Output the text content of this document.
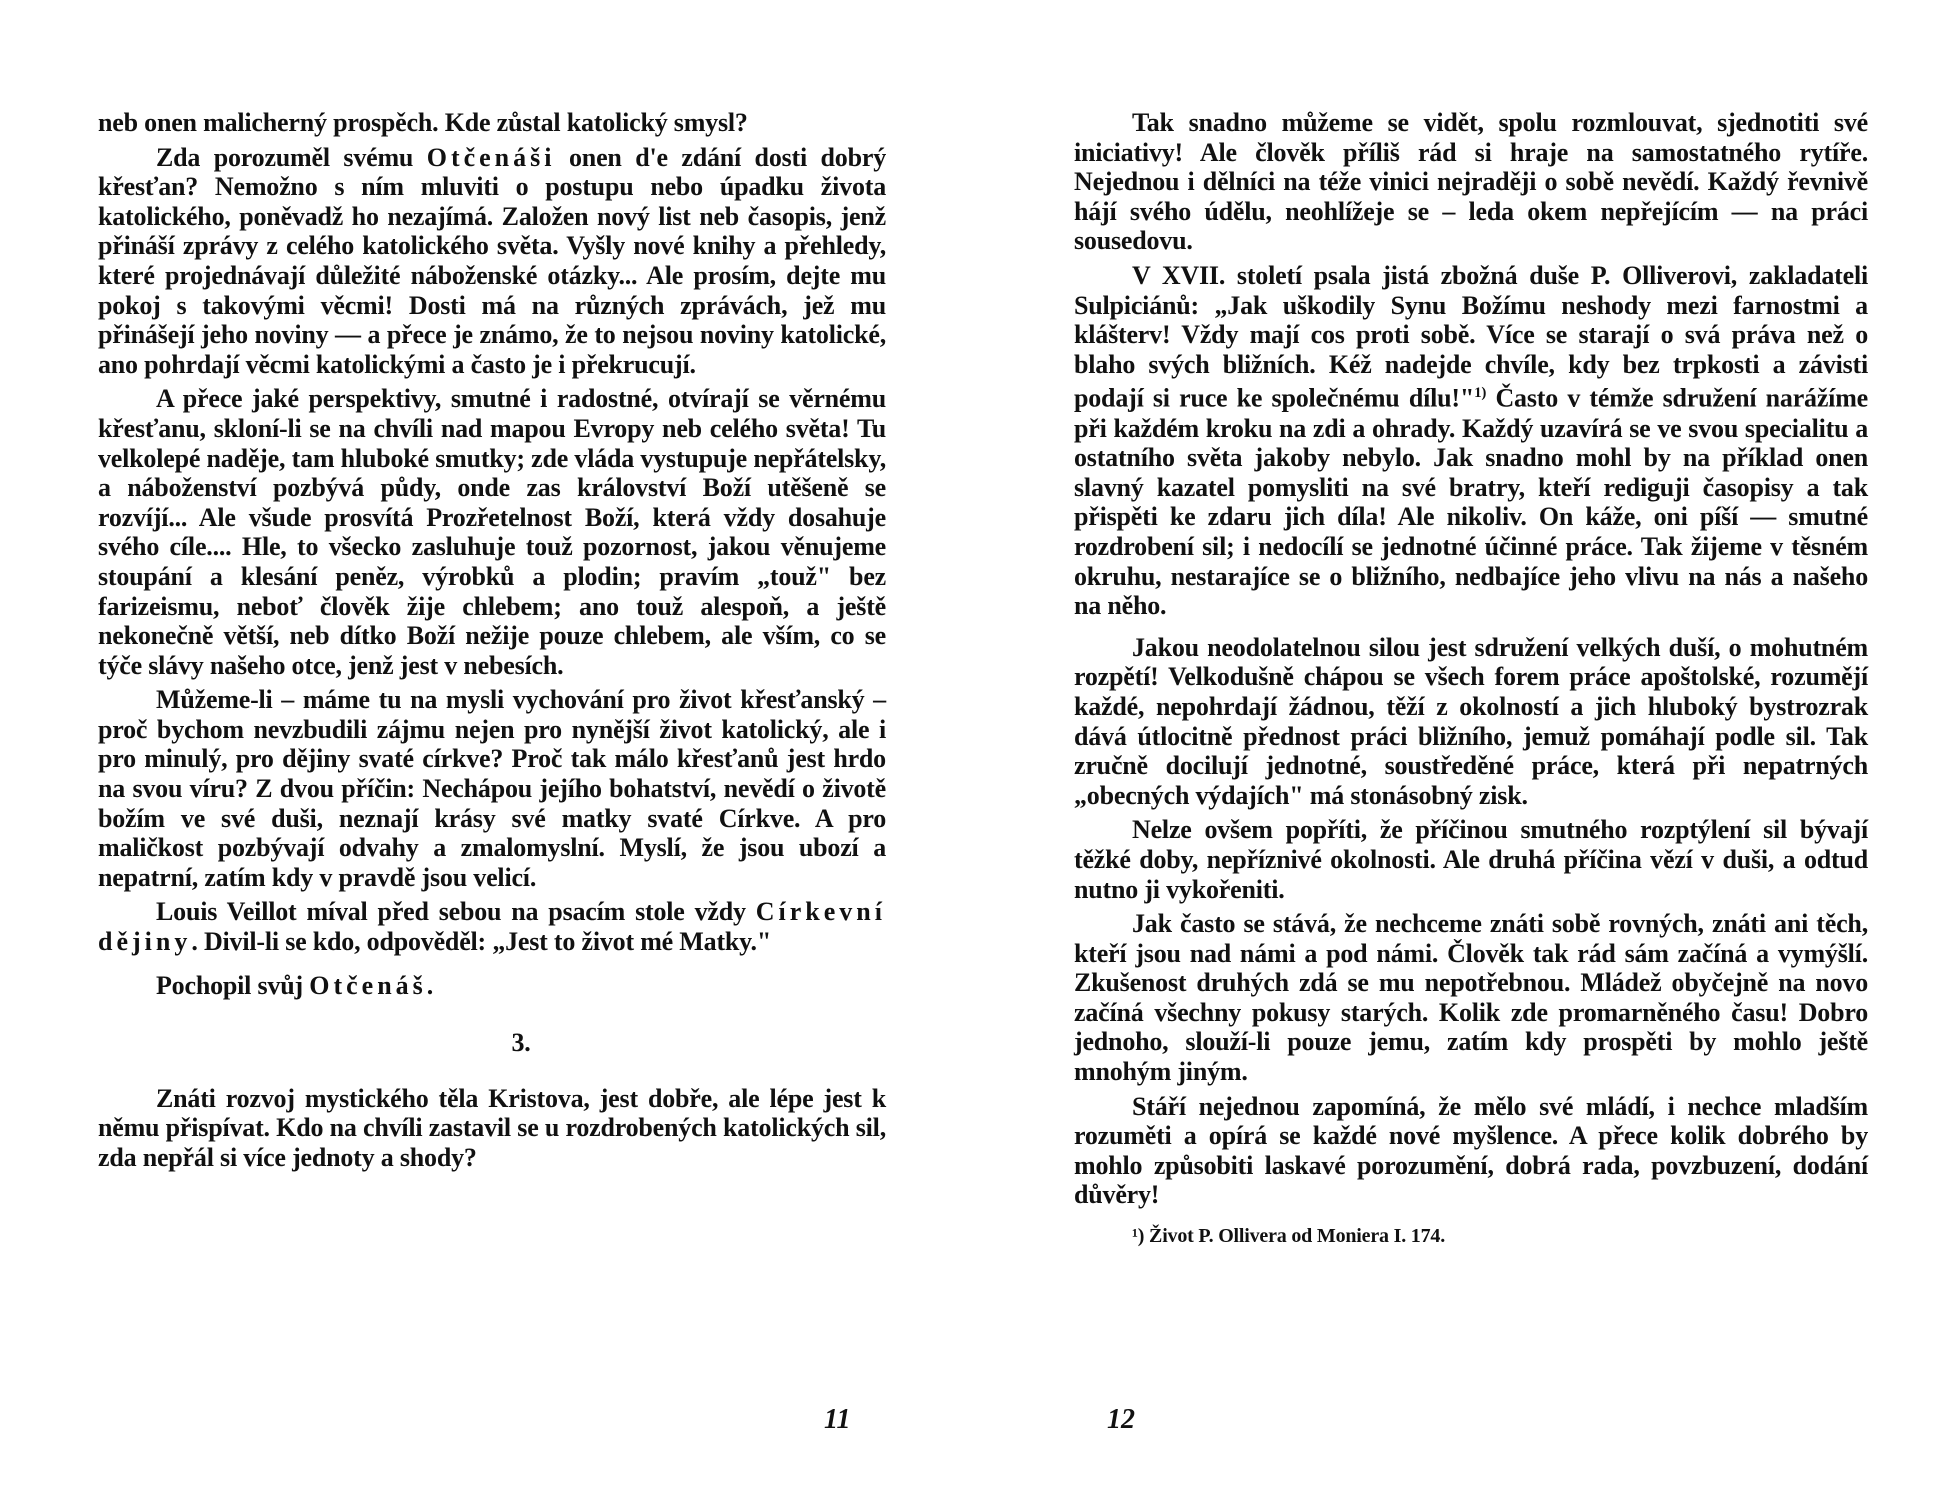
neb onen malicherný prospěch. Kde zůstal katolický smysl?

Zda porozuměl svému Otčenáši onen d'e zdání dosti dobrý křesťan? Nemožno s ním mluviti o postupu nebo úpadku života katolického, poněvadž ho nezajímá. Založen nový list neb časopis, jenž přináší zprávy z celého katolického světa. Vyšly nové knihy a přehledy, které projednávají důležité náboženské otázky... Ale prosím, dejte mu pokoj s takovými věcmi! Dosti má na různých zprávách, jež mu přinášejí jeho noviny — a přece je známo, že to nejsou noviny katolické, ano pohrdají věcmi katolickými a často je i překrucují.

A přece jaké perspektivy, smutné i radostné, otvírají se věrnému křesťanu, skloní-li se na chvíli nad mapou Evropy neb celého světa! Tu velkolepé naděje, tam hluboké smutky; zde vláda vystupuje nepřátelsky, a náboženství pozbývá půdy, onde zas království Boží utěšeně se rozvíjí... Ale všude prosvítá Prozřetelnost Boží, která vždy dosahuje svého cíle.... Hle, to všecko zasluhuje touž pozornost, jakou věnujeme stoupání a klesání peněz, výrobků a plodin; pravím „touž" bez farizeismu, neboť člověk žije chlebem; ano touž alespoň, a ještě nekonečně větší, neb dítko Boží nežije pouze chlebem, ale vším, co se týče slávy našeho otce, jenž jest v nebesích.

Můžeme-li – máme tu na mysli vychování pro život křesťanský – proč bychom nevzbudili zájmu nejen pro nynější život katolický, ale i pro minulý, pro dějiny svaté církve? Proč tak málo křesťanů jest hrdo na svou víru? Z dvou příčin: Nechápou jejího bohatství, nevědí o životě božím ve své duši, neznají krásy své matky svaté Církve. A pro maličkost pozbývají odvahy a zmalomyslní. Myslí, že jsou ubozí a nepatrní, zatím kdy v pravdě jsou velicí.

Louis Veillot míval před sebou na psacím stole vždy Církevní dějiny. Divil-li se kdo, odpověděl: „Jest to život mé Matky."

Pochopil svůj Otčenáš.

3.

Znáti rozvoj mystického těla Kristova, jest dobře, ale lépe jest k němu přispívat. Kdo na chvíli zastavil se u rozdrobených katolických sil, zda nepřál si více jednoty a shody?

11

Tak snadno můžeme se vidět, spolu rozmlouvat, sjednotiti své iniciativy! Ale člověk příliš rád si hraje na samostatného rytíře. Nejednou i dělníci na téže vinici nejraději o sobě nevědí. Každý řevnivě hájí svého údělu, neohlížeje se – leda okem nepřejícím — na práci sousedovu.

V XVII. století psala jistá zbožná duše P. Olliverovi, zakladateli Sulpiciánů: „Jak uškodily Synu Božímu neshody mezi farnostmi a klášterv! Vždy mají cos proti sobě. Více se starají o svá práva než o blaho svých bližních. Kéž nadejde chvíle, kdy bez trpkosti a závisti podají si ruce ke společnému dílu!"$^{1)}$ Často v témže sdružení narážíme při každém kroku na zdi a ohrady. Každý uzavírá se ve svou specialitu a ostatního světa jakoby nebylo. Jak snadno mohl by na příklad onen slavný kazatel pomysliti na své bratry, kteří rediguji časopisy a tak přispěti ke zdaru jich díla! Ale nikoliv. On káže, oni píší — smutné rozdrobení sil; i nedocílí se jednotné účinné práce. Tak žijeme v těsném okruhu, nestarajíce se o bližního, nedbajíce jeho vlivu na nás a našeho na něho.

Jakou neodolatelnou silou jest sdružení velkých duší, o mohutném rozpětí! Velkodušně chápou se všech forem práce apoštolské, rozumějí každé, nepohrdají žádnou, těží z okolností a jich hluboký bystrozrak dává útlocitně přednost práci bližního, jemuž pomáhají podle sil. Tak zručně docilují jednotné, soustředěné práce, která při nepatrných „obecných výdajích" má stonásobný zisk.

Nelze ovšem popříti, že příčinou smutného rozptýlení sil bývají těžké doby, nepříznivé okolnosti. Ale druhá příčina vězí v duši, a odtud nutno ji vykořeniti.

Jak často se stává, že nechceme znáti sobě rovných, znáti ani těch, kteří jsou nad námi a pod námi. Člověk tak rád sám začíná a vymýšlí. Zkušenost druhých zdá se mu nepotřebnou. Mládež obyčejně na novo začíná všechny pokusy starých. Kolik zde promarněného času! Dobro jednoho, slouží-li pouze jemu, zatím kdy prospěti by mohlo ještě mnohým jiným.

Stáří nejednou zapomíná, že mělo své mládí, i nechce mladším rozuměti a opírá se každé nové myšlence. A přece kolik dobrého by mohlo způsobiti laskavé porozumění, dobrá rada, povzbuzení, dodání důvěry!

¹) Život P. Ollivera od Moniera I. 174.

12
